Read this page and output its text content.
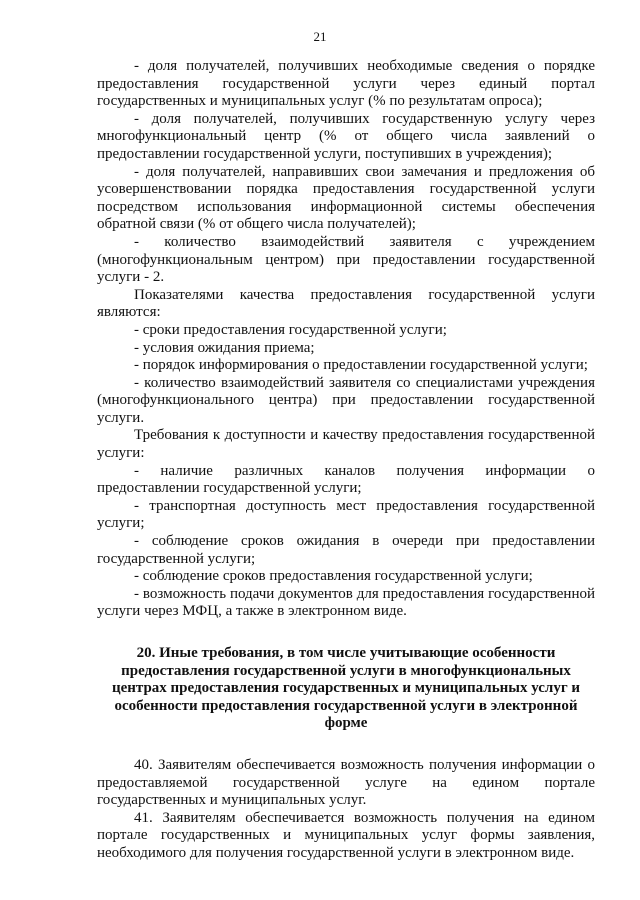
21

- доля получателей, получивших необходимые сведения о порядке предоставления государственной услуги через единый портал государственных и муниципальных услуг (% по результатам опроса);

- доля получателей, получивших государственную услугу через многофункциональный центр (% от общего числа заявлений о предоставлении государственной услуги, поступивших в учреждения);

- доля получателей, направивших свои замечания и предложения об усовершенствовании порядка предоставления государственной услуги посредством использования информационной системы обеспечения обратной связи (% от общего числа получателей);

- количество взаимодействий заявителя с учреждением (многофункциональным центром) при предоставлении государственной услуги - 2.

Показателями качества предоставления государственной услуги являются:

- сроки предоставления государственной услуги;

- условия ожидания приема;

- порядок информирования о предоставлении государственной услуги;

- количество взаимодействий заявителя со специалистами учреждения (многофункционального центра) при предоставлении государственной услуги.

Требования к доступности и качеству предоставления государственной услуги:

- наличие различных каналов получения информации о предоставлении государственной услуги;

- транспортная доступность мест предоставления государственной услуги;

- соблюдение сроков ожидания в очереди при предоставлении государственной услуги;

- соблюдение сроков предоставления государственной услуги;

- возможность подачи документов для предоставления государственной услуги через МФЦ, а также в электронном виде.

20. Иные требования, в том числе учитывающие особенности предоставления государственной услуги в многофункциональных центрах предоставления государственных и муниципальных услуг и особенности предоставления государственной услуги в электронной форме

40. Заявителям обеспечивается возможность получения информации о предоставляемой государственной услуге на едином портале государственных и муниципальных услуг.

41. Заявителям обеспечивается возможность получения на едином портале государственных и муниципальных услуг формы заявления, необходимого для получения государственной услуги в электронном виде.
